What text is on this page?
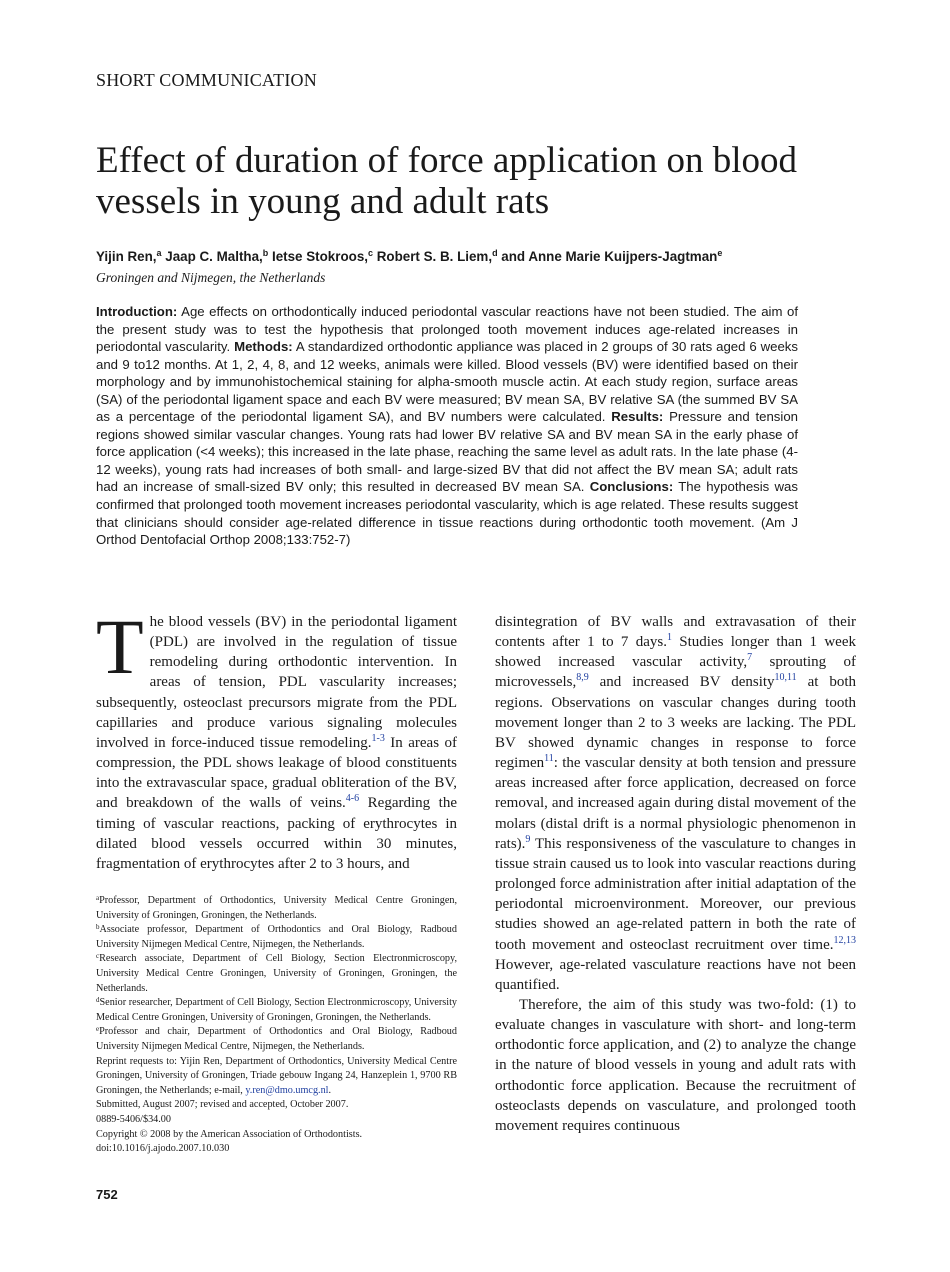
SHORT COMMUNICATION
Effect of duration of force application on blood vessels in young and adult rats
Yijin Ren,$^a$ Jaap C. Maltha,$^b$ Ietse Stokroos,$^c$ Robert S. B. Liem,$^d$ and Anne Marie Kuijpers-Jagtman$^e$
Groningen and Nijmegen, the Netherlands

Introduction: Age effects on orthodontically induced periodontal vascular reactions have not been studied. The aim of the present study was to test the hypothesis that prolonged tooth movement induces age-related increases in periodontal vascularity. Methods: A standardized orthodontic appliance was placed in 2 groups of 30 rats aged 6 weeks and 9 to12 months. At 1, 2, 4, 8, and 12 weeks, animals were killed. Blood vessels (BV) were identified based on their morphology and by immunohistochemical staining for alpha-smooth muscle actin. At each study region, surface areas (SA) of the periodontal ligament space and each BV were measured; BV mean SA, BV relative SA (the summed BV SA as a percentage of the periodontal ligament SA), and BV numbers were calculated. Results: Pressure and tension regions showed similar vascular changes. Young rats had lower BV relative SA and BV mean SA in the early phase of force application (<4 weeks); this increased in the late phase, reaching the same level as adult rats. In the late phase (4-12 weeks), young rats had increases of both small- and large-sized BV that did not affect the BV mean SA; adult rats had an increase of small-sized BV only; this resulted in decreased BV mean SA. Conclusions: The hypothesis was confirmed that prolonged tooth movement increases periodontal vascularity, which is age related. These results suggest that clinicians should consider age-related difference in tissue reactions during orthodontic tooth movement. (Am J Orthod Dentofacial Orthop 2008;133:752-7)

The blood vessels (BV) in the periodontal ligament (PDL) are involved in the regulation of tissue remodeling during orthodontic intervention. In areas of tension, PDL vascularity increases; subsequently, osteoclast precursors migrate from the PDL capillaries and produce various signaling molecules involved in force-induced tissue remodeling.$^{1-3}$ In areas of compression, the PDL shows leakage of blood constituents into the extravascular space, gradual obliteration of the BV, and breakdown of the walls of veins.$^{4-6}$ Regarding the timing of vascular reactions, packing of erythrocytes in dilated blood vessels occurred within 30 minutes, fragmentation of erythrocytes after 2 to 3 hours, and

$^a$Professor, Department of Orthodontics, University Medical Centre Groningen, University of Groningen, Groningen, the Netherlands.

$^b$Associate professor, Department of Orthodontics and Oral Biology, Radboud University Nijmegen Medical Centre, Nijmegen, the Netherlands.

$^c$Research associate, Department of Cell Biology, Section Electronmicroscopy, University Medical Centre Groningen, University of Groningen, Groningen, the Netherlands.

$^d$Senior researcher, Department of Cell Biology, Section Electronmicroscopy, University Medical Centre Groningen, University of Groningen, Groningen, the Netherlands.

$^e$Professor and chair, Department of Orthodontics and Oral Biology, Radboud University Nijmegen Medical Centre, Nijmegen, the Netherlands.

Reprint requests to: Yijin Ren, Department of Orthodontics, University Medical Centre Groningen, University of Groningen, Triade gebouw Ingang 24, Hanzeplein 1, 9700 RB Groningen, the Netherlands; e-mail, y.ren@dmo.umcg.nl.

Submitted, August 2007; revised and accepted, October 2007.

0889-5406/$34.00

Copyright © 2008 by the American Association of Orthodontists.

doi:10.1016/j.ajodo.2007.10.030

disintegration of BV walls and extravasation of their contents after 1 to 7 days.$^1$ Studies longer than 1 week showed increased vascular activity,$^7$ sprouting of microvessels,$^{8,9}$ and increased BV density$^{10,11}$ at both regions. Observations on vascular changes during tooth movement longer than 2 to 3 weeks are lacking. The PDL BV showed dynamic changes in response to force regimen$^{11}$: the vascular density at both tension and pressure areas increased after force application, decreased on force removal, and increased again during distal movement of the molars (distal drift is a normal physiologic phenomenon in rats).$^9$ This responsiveness of the vasculature to changes in tissue strain caused us to look into vascular reactions during prolonged force administration after initial adaptation of the periodontal microenvironment. Moreover, our previous studies showed an age-related pattern in both the rate of tooth movement and osteoclast recruitment over time.$^{12,13}$ However, age-related vasculature reactions have not been quantified.

Therefore, the aim of this study was two-fold: (1) to evaluate changes in vasculature with short- and long-term orthodontic force application, and (2) to analyze the change in the nature of blood vessels in young and adult rats with orthodontic force application. Because the recruitment of osteoclasts depends on vasculature, and prolonged tooth movement requires continuous

752
